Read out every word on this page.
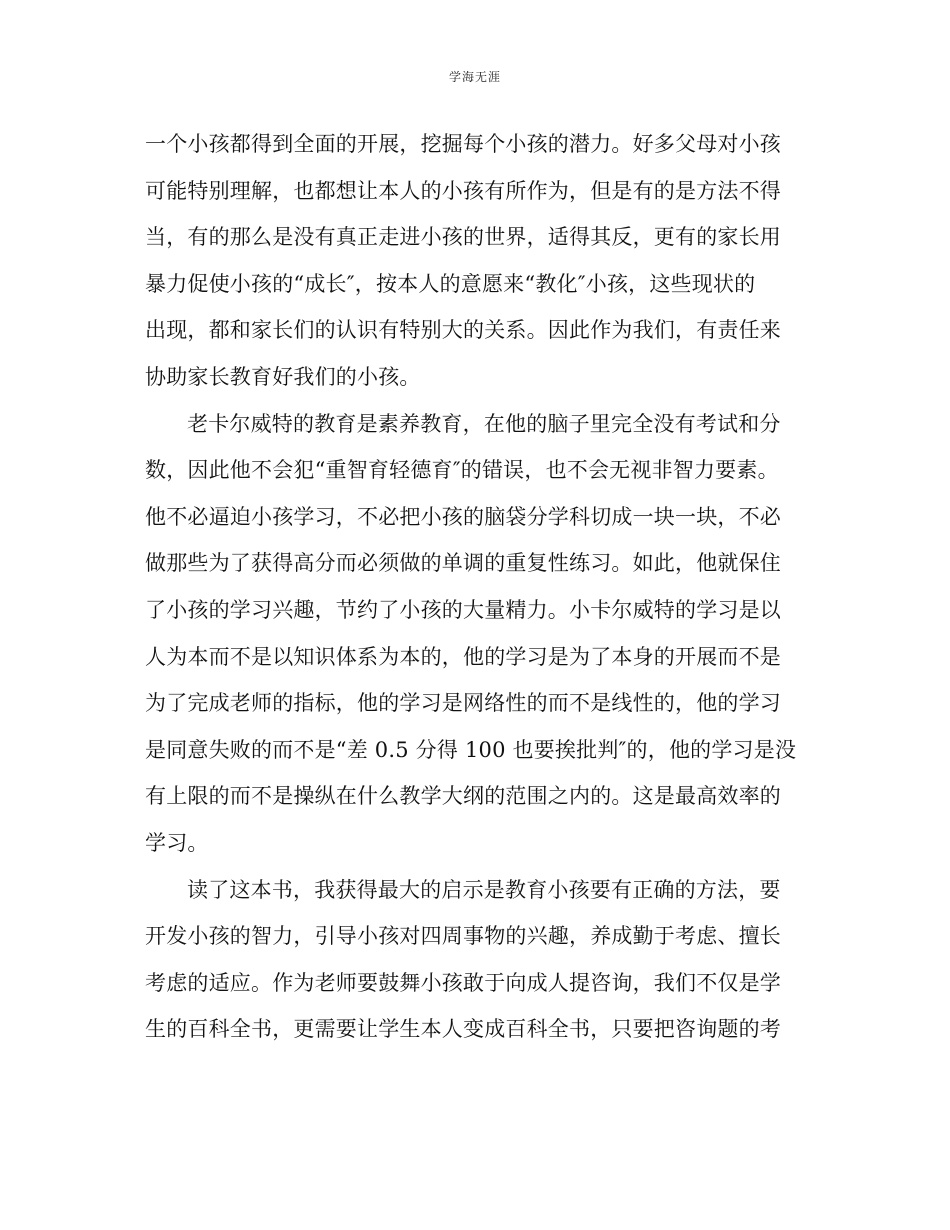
学海无涯
一个小孩都得到全面的开展，挖掘每个小孩的潜力。好多父母对小孩
可能特别理解，也都想让本人的小孩有所作为，但是有的是方法不得
当，有的那么是没有真正走进小孩的世界，适得其反，更有的家长用
暴力促使小孩的“成长″，按本人的意愿来“教化″小孩，这些现状的
出现，都和家长们的认识有特别大的关系。因此作为我们，有责任来
协助家长教育好我们的小孩。
老卡尔威特的教育是素养教育，在他的脑子里完全没有考试和分
数，因此他不会犯“重智育轻德育″的错误，也不会无视非智力要素。
他不必逼迫小孩学习，不必把小孩的脑袋分学科切成一块一块，不必
做那些为了获得高分而必须做的单调的重复性练习。如此，他就保住
了小孩的学习兴趣，节约了小孩的大量精力。小卡尔威特的学习是以
人为本而不是以知识体系为本的，他的学习是为了本身的开展而不是
为了完成老师的指标，他的学习是网络性的而不是线性的，他的学习
是同意失败的而不是“差 0.5 分得 100 也要挨批判″的，他的学习是没
有上限的而不是操纵在什么教学大纲的范围之内的。这是最高效率的
学习。
读了这本书，我获得最大的启示是教育小孩要有正确的方法，要
开发小孩的智力，引导小孩对四周事物的兴趣，养成勤于考虑、擅长
考虑的适应。作为老师要鼓舞小孩敢于向成人提咨询，我们不仅是学
生的百科全书，更需要让学生本人变成百科全书，只要把咨询题的考
